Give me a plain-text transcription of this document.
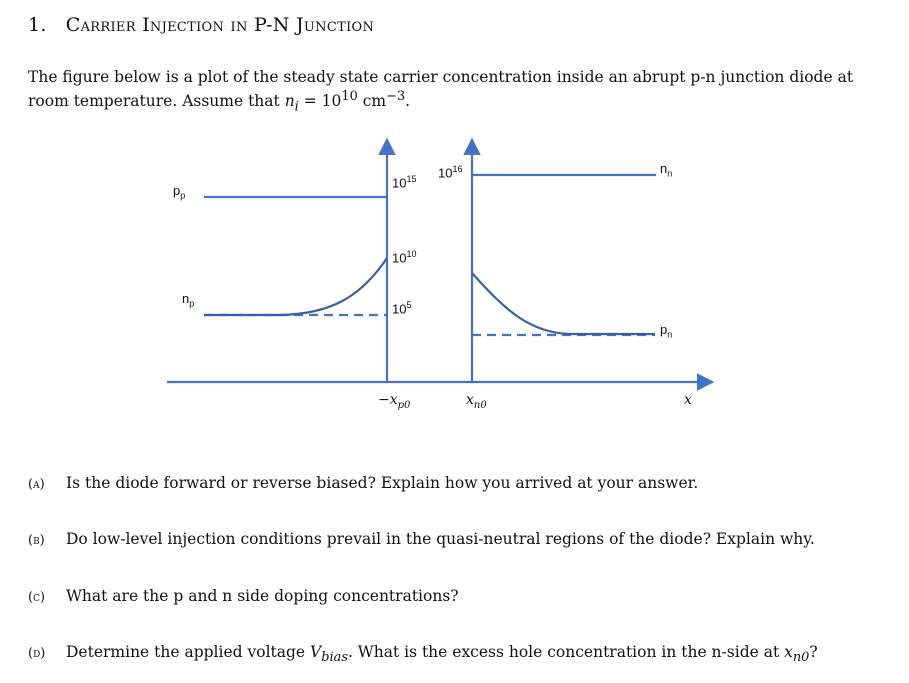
1. Carrier Injection in P-N Junction
The figure below is a plot of the steady state carrier concentration inside an abrupt p-n junction diode at room temperature. Assume that $n_i = 10^{10}$ $cm^{-3}$.
$p_p$
$n_p$
$n_n$
$p_n$
$10^{15}$ $10^{16}$
$10^{10}$
$10^5$
$-x_{p0}$	$x_{n0}$	x
(a) Is the diode forward or reverse biased? Explain how you arrived at your answer.
(b) Do low-level injection conditions prevail in the quasi-neutral regions of the diode? Explain why.
(c) What are the p and n side doping concentrations?
(d) Determine the applied voltage $V_{bias}$. What is the excess hole concentration in the n-side at $x_{n0}$?
